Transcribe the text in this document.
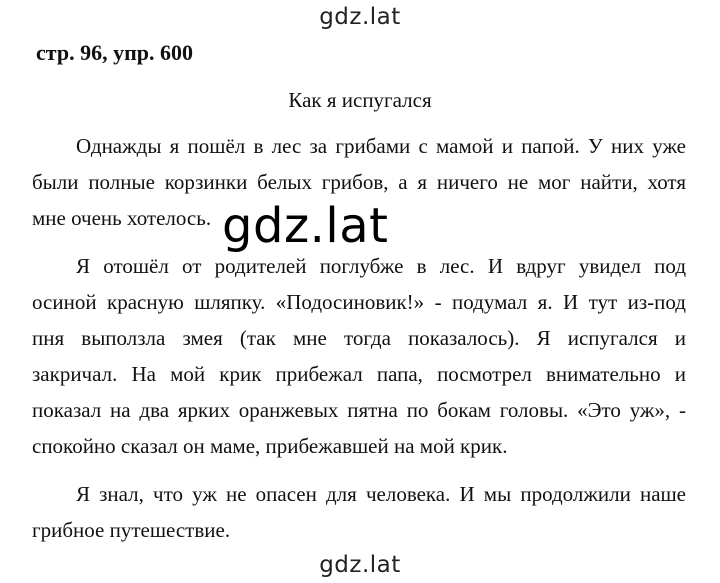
gdz.lat
стр. 96, упр. 600
Как я испугался
Однажды я пошёл в лес за грибами с мамой и папой. У них уже
были полные корзинки белых грибов, а я ничего не мог найти, хотя
мне очень хотелось.
Я отошёл от родителей поглубже в лес. И вдруг увидел под
осиной красную шляпку. «Подосиновик!» - подумал я. И тут из-под
пня выползла змея (так мне тогда показалось). Я испугался и
закричал. На мой крик прибежал папа, посмотрел внимательно и
показал на два ярких оранжевых пятна по бокам головы. «Это уж», -
спокойно сказал он маме, прибежавшей на мой крик.
Я знал, что уж не опасен для человека. И мы продолжили наше
грибное путешествие.
gdz.lat
gdz.lat
